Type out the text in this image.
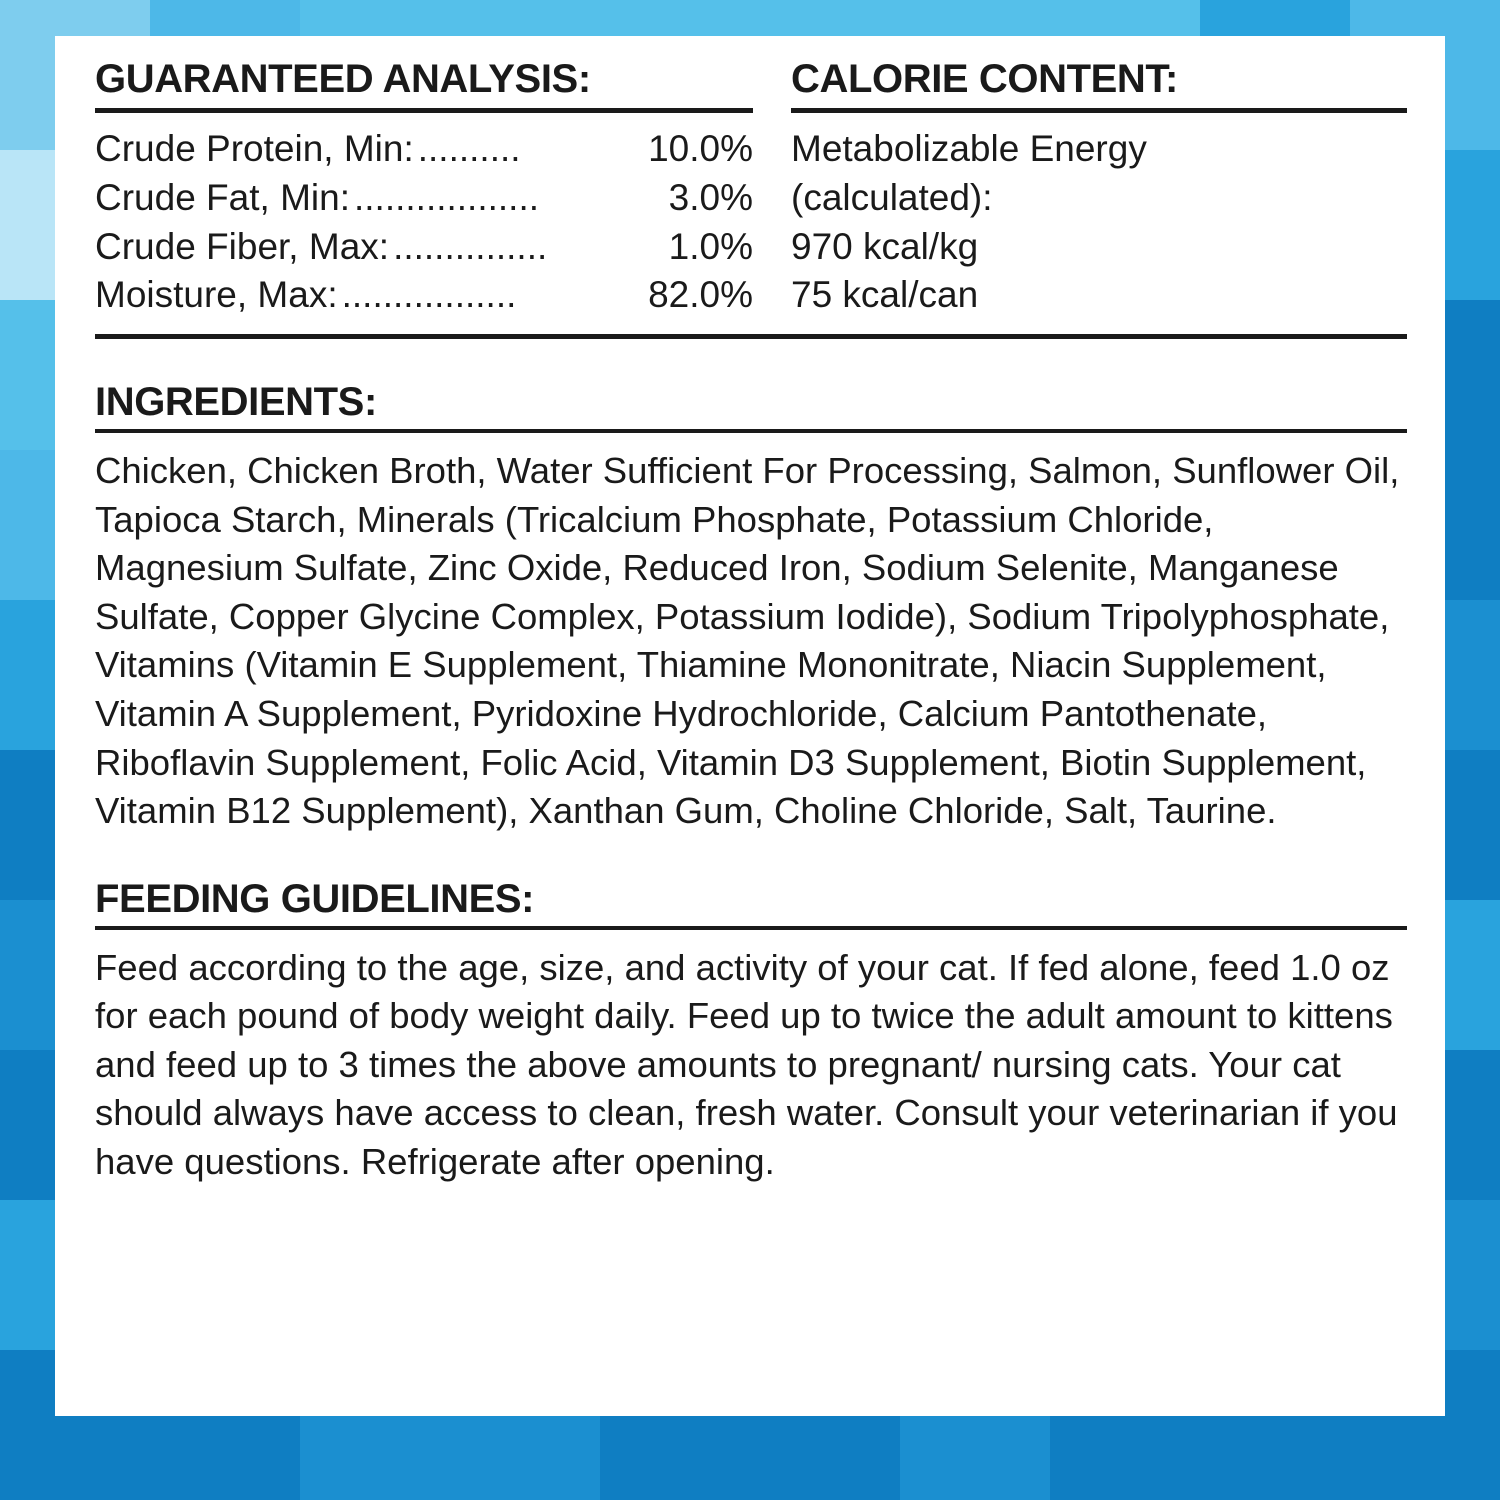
GUARANTEED ANALYSIS:
Crude Protein, Min: ..........	10.0%
Crude Fat, Min: ..................	3.0%
Crude Fiber, Max: ...............	1.0%
Moisture, Max: .................	82.0%
CALORIE CONTENT:
Metabolizable Energy
(calculated):
970 kcal/kg
75 kcal/can
INGREDIENTS:
Chicken, Chicken Broth, Water Sufficient For Processing, Salmon, Sunflower Oil, Tapioca Starch, Minerals (Tricalcium Phosphate, Potassium Chloride, Magnesium Sulfate, Zinc Oxide, Reduced Iron, Sodium Selenite, Manganese Sulfate, Copper Glycine Complex, Potassium Iodide), Sodium Tripolyphosphate, Vitamins (Vitamin E Supplement, Thiamine Mononitrate, Niacin Supplement, Vitamin A Supplement, Pyridoxine Hydrochloride, Calcium Pantothenate, Riboflavin Supplement, Folic Acid, Vitamin D3 Supplement, Biotin Supplement, Vitamin B12 Supplement), Xanthan Gum, Choline Chloride, Salt, Taurine.
FEEDING GUIDELINES:
Feed according to the age, size, and activity of your cat. If fed alone, feed 1.0 oz for each pound of body weight daily. Feed up to twice the adult amount to kittens and feed up to 3 times the above amounts to pregnant/ nursing cats. Your cat should always have access to clean, fresh water. Consult your veterinarian if you have questions. Refrigerate after opening.
